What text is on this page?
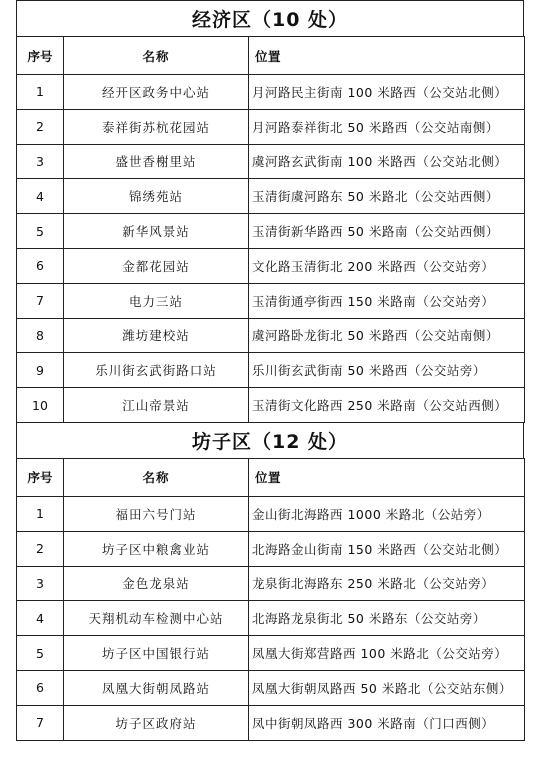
经济区（10 处）
序号	名称	位置
1	经开区政务中心站	月河路民主街南 100 米路西（公交站北侧）
2	泰祥街苏杭花园站	月河路泰祥街北 50 米路西（公交站南侧）
3	盛世香榭里站	虞河路玄武街南 100 米路西（公交站北侧）
4	锦绣苑站	玉清街虞河路东 50 米路北（公交站西侧）
5	新华风景站	玉清街新华路西 50 米路南（公交站西侧）
6	金都花园站	文化路玉清街北 200 米路西（公交站旁）
7	电力三站	玉清街通亭街西 150 米路南（公交站旁）
8	潍坊建校站	虞河路卧龙街北 50 米路西（公交站南侧）
9	乐川街玄武街路口站	乐川街玄武街南 50 米路西（公交站旁）
10	江山帝景站	玉清街文化路西 250 米路南（公交站西侧）
坊子区（12 处）
序号	名称	位置
1	福田六号门站	金山街北海路西 1000 米路北（公站旁）
2	坊子区中粮禽业站	北海路金山街南 150 米路西（公交站北侧）
3	金色龙泉站	龙泉街北海路东 250 米路北（公交站旁）
4	天翔机动车检测中心站	北海路龙泉街北 50 米路东（公交站旁）
5	坊子区中国银行站	凤凰大街郑营路西 100 米路北（公交站旁）
6	凤凰大街朝凤路站	凤凰大街朝凤路西 50 米路北（公交站东侧）
7	坊子区政府站	凤中街朝凤路西 300 米路南（门口西侧）
